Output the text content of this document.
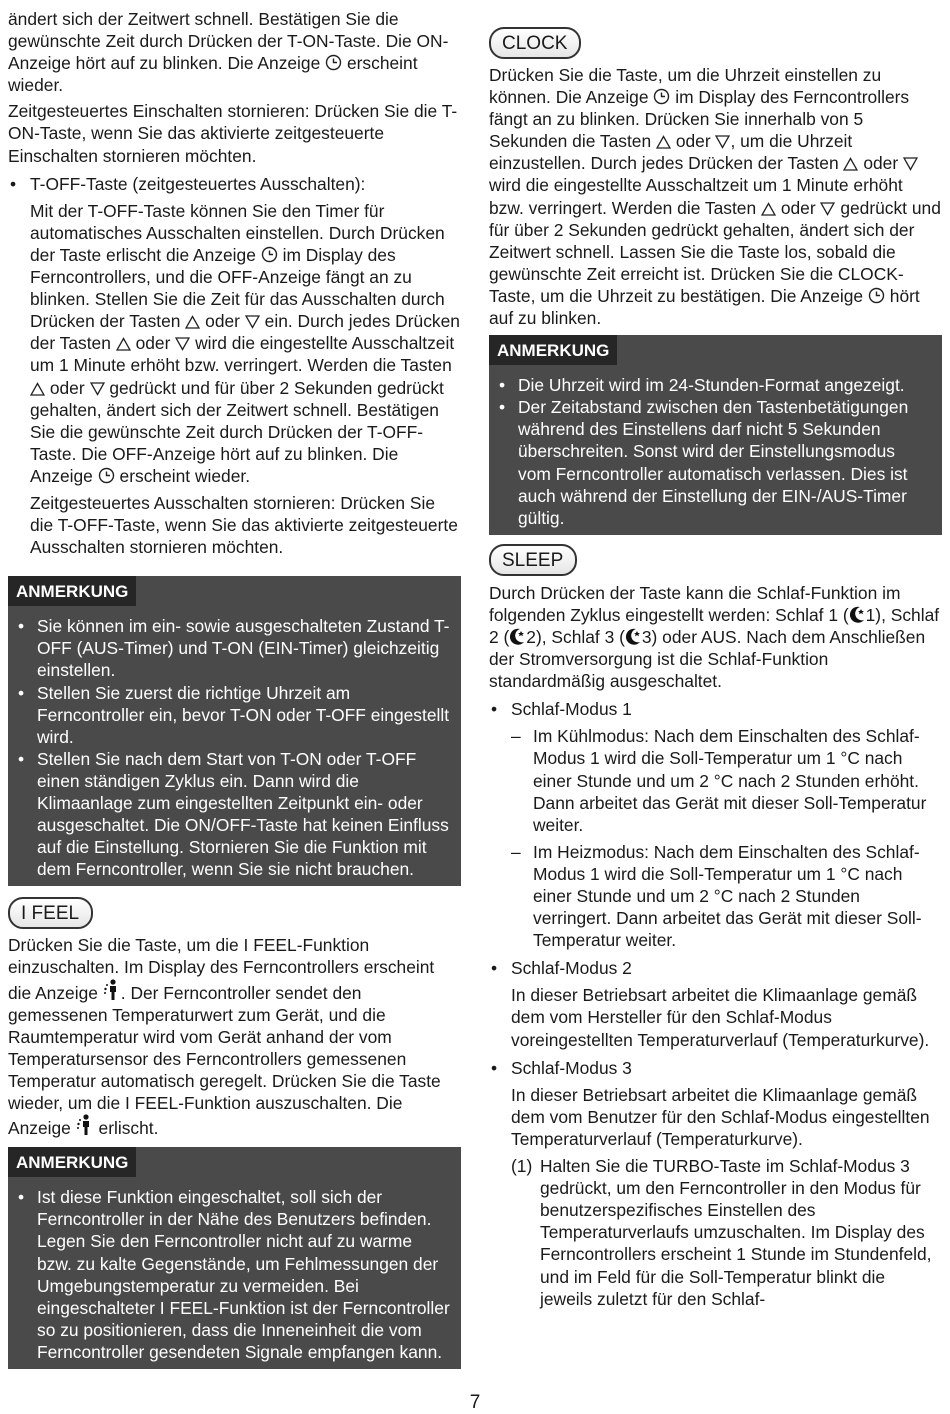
ändert sich der Zeitwert schnell. Bestätigen Sie die gewünschte Zeit durch Drücken der T-ON-Taste. Die ON-Anzeige hört auf zu blinken. Die Anzeige erscheint wieder.

Zeitgesteuertes Einschalten stornieren: Drücken Sie die T-ON-Taste, wenn Sie das aktivierte zeitgesteuerte Einschalten stornieren möchten.

• T-OFF-Taste (zeitgesteuertes Ausschalten):

Mit der T-OFF-Taste können Sie den Timer für automatisches Ausschalten einstellen. Durch Drücken der Taste erlischt die Anzeige im Display des Ferncontrollers, und die OFF-Anzeige fängt an zu blinken. Stellen Sie die Zeit für das Ausschalten durch Drücken der Tasten oder ein. Durch jedes Drücken der Tasten oder wird die eingestellte Ausschaltzeit um 1 Minute erhöht bzw. verringert. Werden die Tasten  oder gedrückt und für über 2 Sekunden gedrückt gehalten, ändert sich der Zeitwert schnell. Bestätigen Sie die gewünschte Zeit durch Drücken der T-OFF-Taste. Die OFF-Anzeige hört auf zu blinken. Die Anzeige erscheint wieder.

Zeitgesteuertes Ausschalten stornieren: Drücken Sie die T-OFF-Taste, wenn Sie das aktivierte zeitgesteuerte Ausschalten stornieren möchten.

ANMERKUNG

• Sie können im ein- sowie ausgeschalteten Zustand T-OFF (AUS-Timer) und T-ON (EIN-Timer) gleichzeitig einstellen.

• Stellen Sie zuerst die richtige Uhrzeit am Ferncontroller ein, bevor T-ON oder T-OFF eingestellt wird.

• Stellen Sie nach dem Start von T-ON oder T-OFF einen ständigen Zyklus ein. Dann wird die Klimaanlage zum eingestellten Zeitpunkt ein- oder ausgeschaltet. Die ON/OFF-Taste hat keinen Einfluss auf die Einstellung. Stornieren Sie die Funktion mit dem Ferncontroller, wenn Sie sie nicht brauchen.

I FEEL

Drücken Sie die Taste, um die I FEEL-Funktion einzuschalten. Im Display des Ferncontrollers erscheint die Anzeige . Der Ferncontroller sendet den gemessenen Temperaturwert zum Gerät, und die Raumtemperatur wird vom Gerät anhand der vom Temperatursensor des Ferncontrollers gemessenen Temperatur automatisch geregelt. Drücken Sie die Taste wieder, um die I FEEL-Funktion auszuschalten. Die Anzeige erlischt.

ANMERKUNG

• Ist diese Funktion eingeschaltet, soll sich der Ferncontroller in der Nähe des Benutzers befinden. Legen Sie den Ferncontroller nicht auf zu warme bzw. zu kalte Gegenstände, um Fehlmessungen der Umgebungstemperatur zu vermeiden. Bei eingeschalteter I FEEL-Funktion ist der Ferncontroller so zu positionieren, dass die Inneneinheit die vom Ferncontroller gesendeten Signale empfangen kann.

CLOCK

Drücken Sie die Taste, um die Uhrzeit einstellen zu können. Die Anzeige im Display des Ferncontrollers fängt an zu blinken. Drücken Sie innerhalb von 5 Sekunden die Tasten oder , um die Uhrzeit einzustellen. Durch jedes Drücken der Tasten oder  wird die eingestellte Ausschaltzeit um 1 Minute erhöht bzw. verringert. Werden die Tasten oder gedrückt und für über 2 Sekunden gedrückt gehalten, ändert sich der Zeitwert schnell. Lassen Sie die Taste los, sobald die gewünschte Zeit erreicht ist. Drücken Sie die CLOCK-Taste, um die Uhrzeit zu bestätigen. Die Anzeige hört auf zu blinken.

ANMERKUNG

• Die Uhrzeit wird im 24-Stunden-Format angezeigt.

• Der Zeitabstand zwischen den Tastenbetätigungen während des Einstellens darf nicht 5 Sekunden überschreiten. Sonst wird der Einstellungsmodus vom Ferncontroller automatisch verlassen. Dies ist auch während der Einstellung der EIN-/AUS-Timer gültig.

SLEEP

Durch Drücken der Taste kann die Schlaf-Funktion im folgenden Zyklus eingestellt werden: Schlaf 1 ( 1), Schlaf 2 ( 2), Schlaf 3 ( 3) oder AUS. Nach dem Anschließen der Stromversorgung ist die Schlaf-Funktion standardmäßig ausgeschaltet.

• Schlaf-Modus 1

– Im Kühlmodus: Nach dem Einschalten des Schlaf-Modus 1 wird die Soll-Temperatur um 1 °C nach einer Stunde und um 2 °C nach 2 Stunden erhöht. Dann arbeitet das Gerät mit dieser Soll-Temperatur weiter.

– Im Heizmodus: Nach dem Einschalten des Schlaf-Modus 1 wird die Soll-Temperatur um 1 °C nach einer Stunde und um 2 °C nach 2 Stunden verringert. Dann arbeitet das Gerät mit dieser Soll-Temperatur weiter.

• Schlaf-Modus 2

In dieser Betriebsart arbeitet die Klimaanlage gemäß dem vom Hersteller für den Schlaf-Modus voreingestellten Temperaturverlauf (Temperaturkurve).

• Schlaf-Modus 3

In dieser Betriebsart arbeitet die Klimaanlage gemäß dem vom Benutzer für den Schlaf-Modus eingestellten Temperaturverlauf (Temperaturkurve).

(1) Halten Sie die TURBO-Taste im Schlaf-Modus 3 gedrückt, um den Ferncontroller in den Modus für benutzerspezifisches Einstellen des Temperaturverlaufs umzuschalten. Im Display des Ferncontrollers erscheint 1 Stunde im Stundenfeld, und im Feld für die Soll-Temperatur blinkt die jeweils zuletzt für den Schlaf-

7
